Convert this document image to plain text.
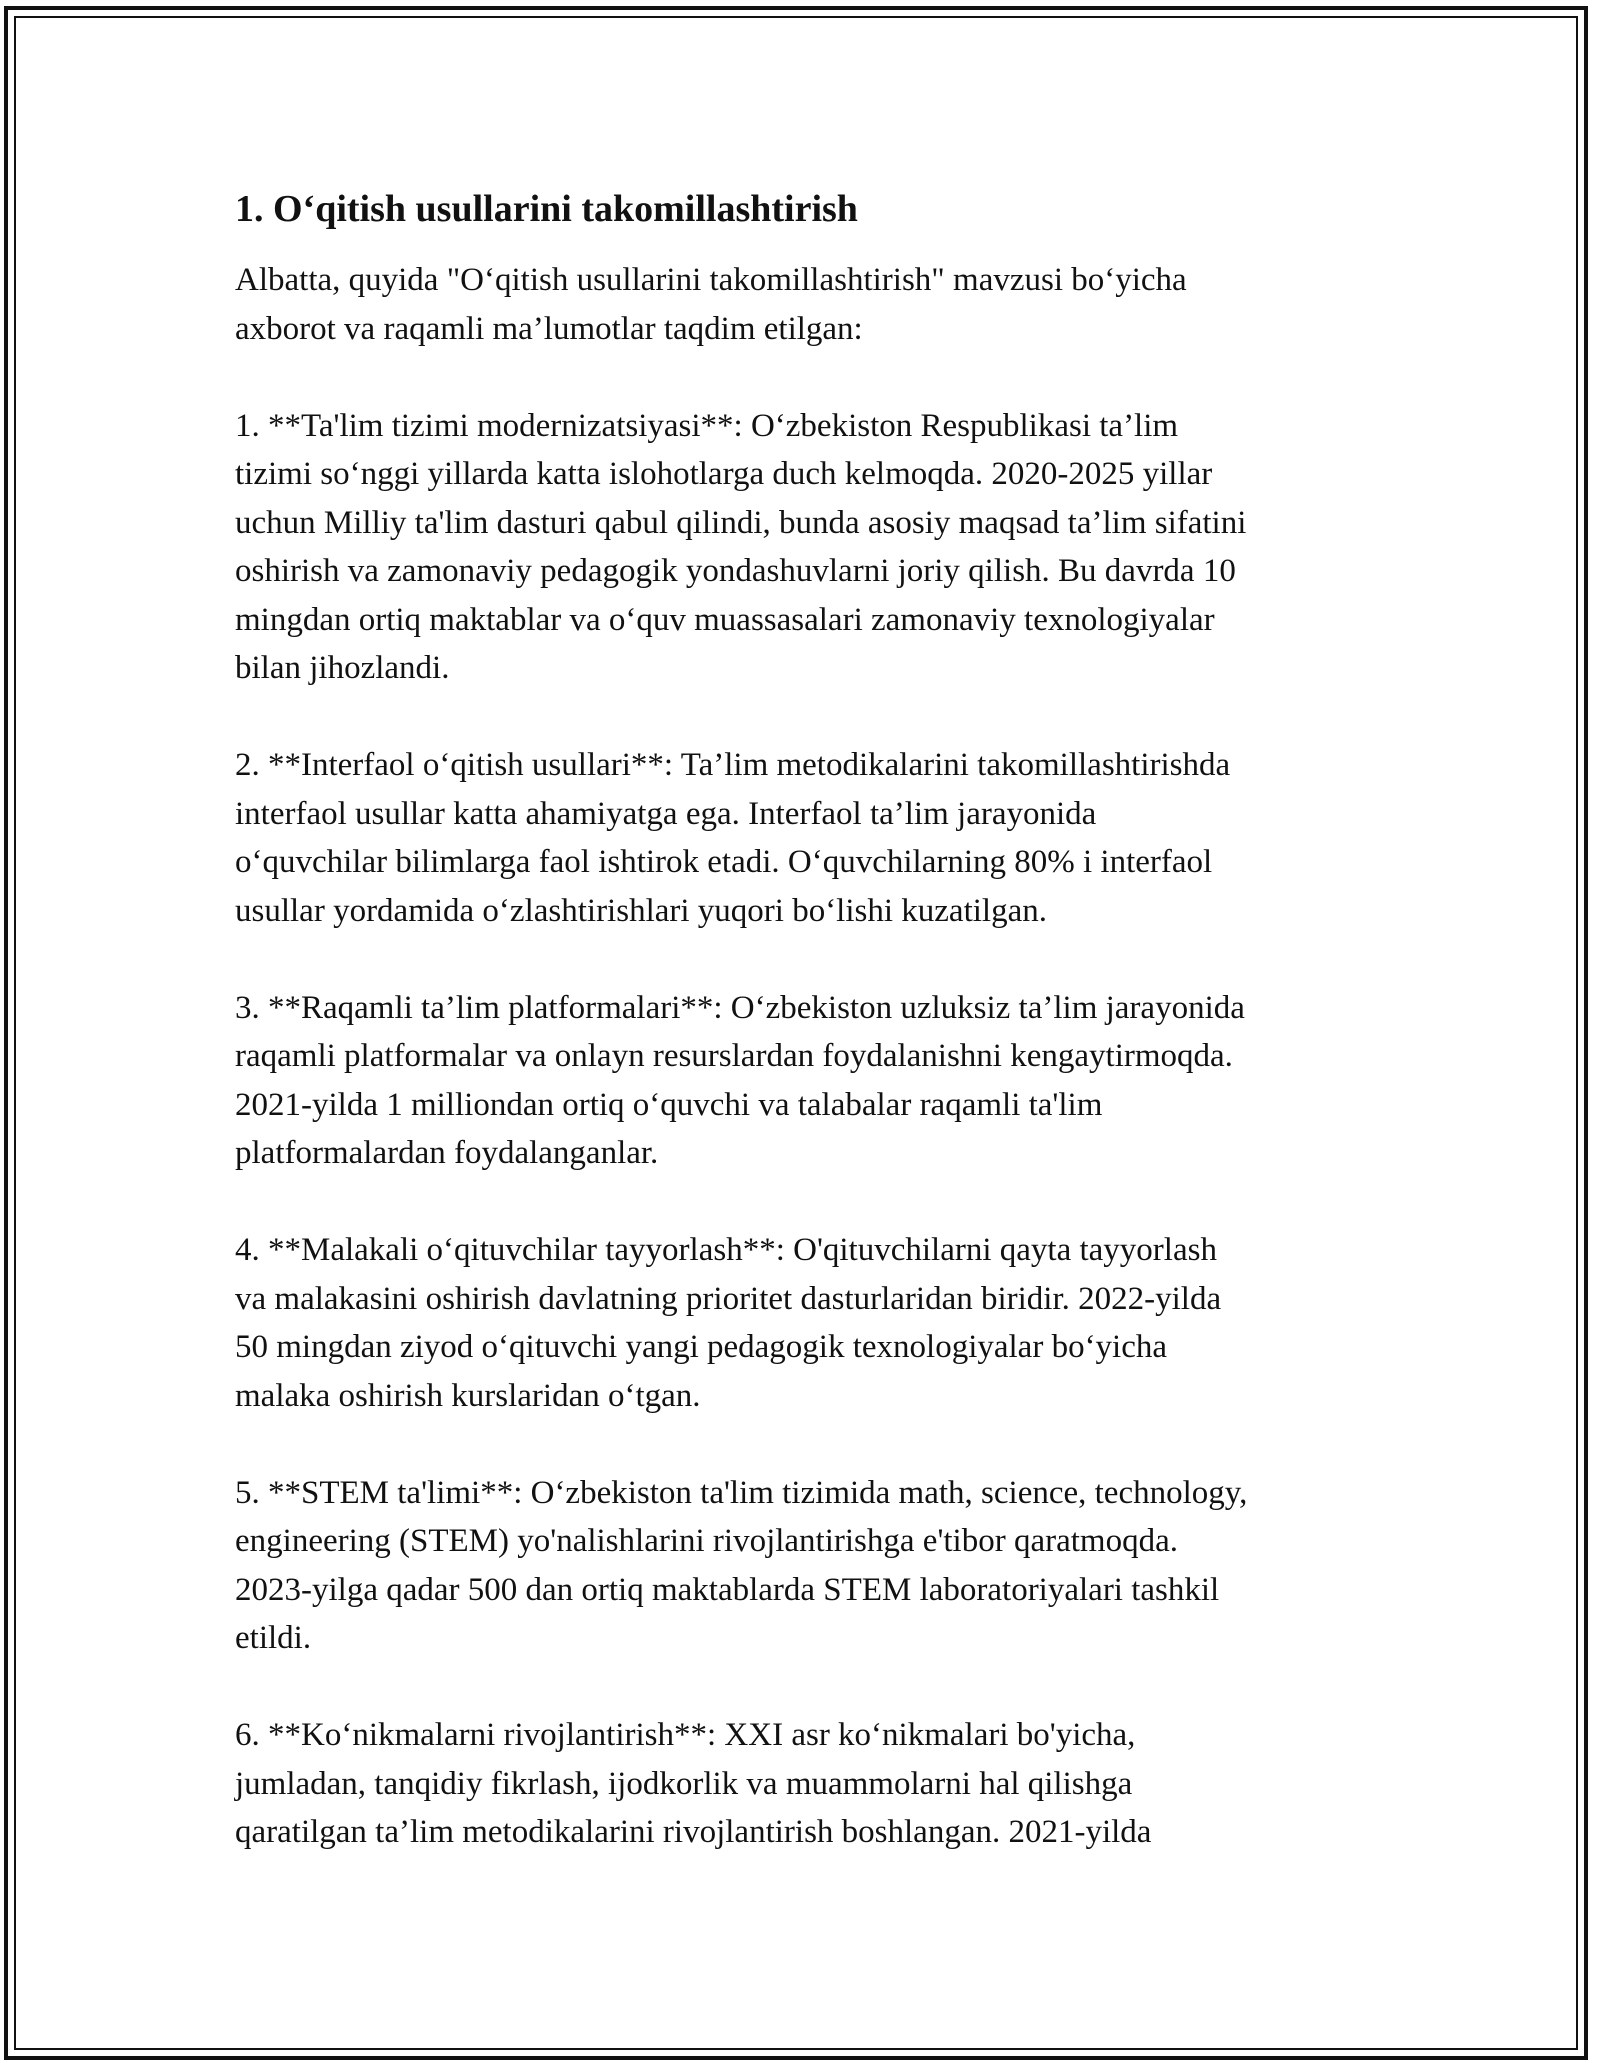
1. O‘qitish usullarini takomillashtirish

Albatta, quyida "O‘qitish usullarini takomillashtirish" mavzusi bo‘yicha
axborot va raqamli ma’lumotlar taqdim etilgan:

1. **Ta'lim tizimi modernizatsiyasi**: O‘zbekiston Respublikasi ta’lim
tizimi so‘nggi yillarda katta islohotlarga duch kelmoqda. 2020-2025 yillar
uchun Milliy ta'lim dasturi qabul qilindi, bunda asosiy maqsad ta’lim sifatini
oshirish va zamonaviy pedagogik yondashuvlarni joriy qilish. Bu davrda 10
mingdan ortiq maktablar va o‘quv muassasalari zamonaviy texnologiyalar
bilan jihozlandi.

2. **Interfaol o‘qitish usullari**: Ta’lim metodikalarini takomillashtirishda
interfaol usullar katta ahamiyatga ega. Interfaol ta’lim jarayonida
o‘quvchilar bilimlarga faol ishtirok etadi. O‘quvchilarning 80% i interfaol
usullar yordamida o‘zlashtirishlari yuqori bo‘lishi kuzatilgan.

3. **Raqamli ta’lim platformalari**: O‘zbekiston uzluksiz ta’lim jarayonida
raqamli platformalar va onlayn resurslardan foydalanishni kengaytirmoqda.
2021-yilda 1 milliondan ortiq o‘quvchi va talabalar raqamli ta'lim
platformalardan foydalanganlar.

4. **Malakali o‘qituvchilar tayyorlash**: O'qituvchilarni qayta tayyorlash
va malakasini oshirish davlatning prioritet dasturlaridan biridir. 2022-yilda
50 mingdan ziyod o‘qituvchi yangi pedagogik texnologiyalar bo‘yicha
malaka oshirish kurslaridan o‘tgan.

5. **STEM ta'limi**: O‘zbekiston ta'lim tizimida math, science, technology,
engineering (STEM) yo'nalishlarini rivojlantirishga e'tibor qaratmoqda.
2023-yilga qadar 500 dan ortiq maktablarda STEM laboratoriyalari tashkil
etildi.

6. **Ko‘nikmalarni rivojlantirish**: XXI asr ko‘nikmalari bo'yicha,
jumladan, tanqidiy fikrlash, ijodkorlik va muammolarni hal qilishga
qaratilgan ta’lim metodikalarini rivojlantirish boshlangan. 2021-yilda
